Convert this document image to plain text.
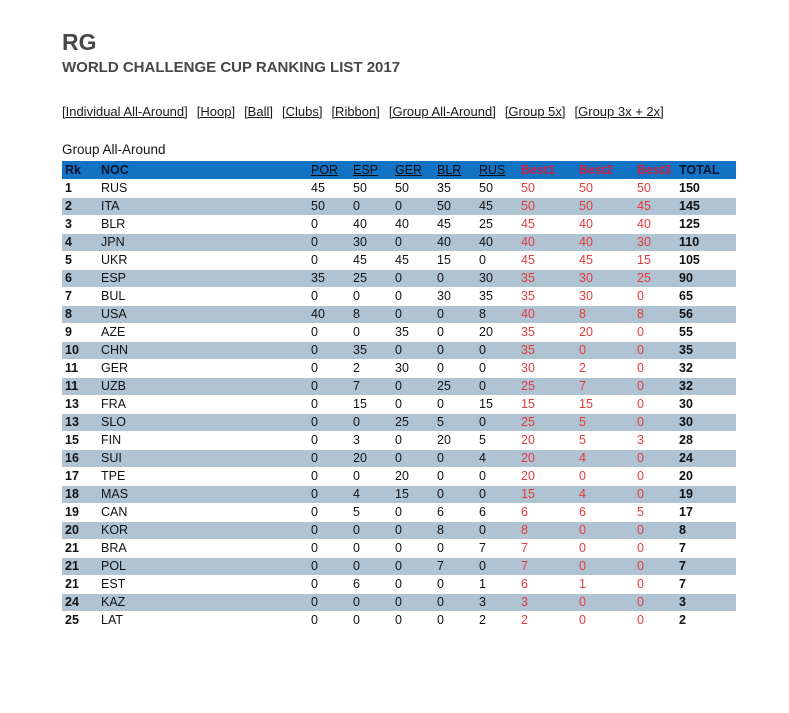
RG
WORLD CHALLENGE CUP RANKING LIST 2017
[Individual All-Around] [Hoop] [Ball] [Clubs] [Ribbon] [Group All-Around] [Group 5x] [Group 3x + 2x]
Group All-Around
Rk	NOC	POR	ESP	GER	BLR	RUS	Best1	Best2	Best3	TOTAL
1	RUS	45	50	50	35	50	50	50	50	150
2	ITA	50	0	0	50	45	50	50	45	145
3	BLR	0	40	40	45	25	45	40	40	125
4	JPN	0	30	0	40	40	40	40	30	110
5	UKR	0	45	45	15	0	45	45	15	105
6	ESP	35	25	0	0	30	35	30	25	90
7	BUL	0	0	0	30	35	35	30	0	65
8	USA	40	8	0	0	8	40	8	8	56
9	AZE	0	0	35	0	20	35	20	0	55
10	CHN	0	35	0	0	0	35	0	0	35
11	GER	0	2	30	0	0	30	2	0	32
11	UZB	0	7	0	25	0	25	7	0	32
13	FRA	0	15	0	0	15	15	15	0	30
13	SLO	0	0	25	5	0	25	5	0	30
15	FIN	0	3	0	20	5	20	5	3	28
16	SUI	0	20	0	0	4	20	4	0	24
17	TPE	0	0	20	0	0	20	0	0	20
18	MAS	0	4	15	0	0	15	4	0	19
19	CAN	0	5	0	6	6	6	6	5	17
20	KOR	0	0	0	8	0	8	0	0	8
21	BRA	0	0	0	0	7	7	0	0	7
21	POL	0	0	0	7	0	7	0	0	7
21	EST	0	6	0	0	1	6	1	0	7
24	KAZ	0	0	0	0	3	3	0	0	3
25	LAT	0	0	0	0	2	2	0	0	2
